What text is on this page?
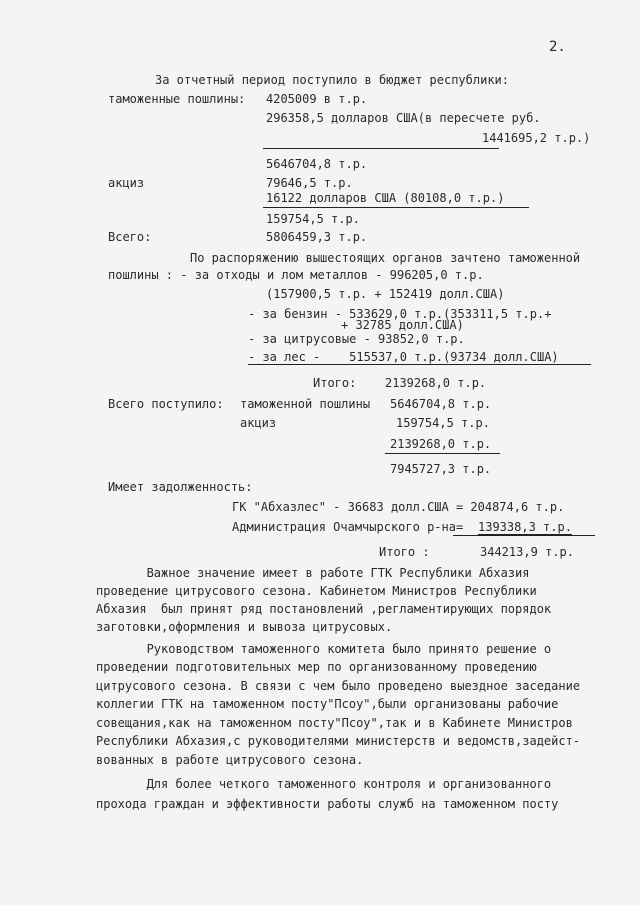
2.
За отчетный период поступило в бюджет республики:
таможенные пошлины: 4205009 в т.р.
296358,5 долларов США(в пересчете руб.
1441695,2 т.р.)
5646704,8 т.р.
акциз	79646,5 т.р.
16122 долларов США (80108,0 т.р.)
159754,5 т.р.
Всего:	5806459,3 т.р.
По распоряжению вышестоящих органов зачтено таможенной
пошлины : - за отходы и лом металлов - 996205,0 т.р.
(157900,5 т.р. + 152419 долл.США)
- за бензин - 533629,0 т.р.(353311,5 т.р.+
+ 32785 долл.США)
- за цитрусовые - 93852,0 т.р.
- за лес -    515537,0 т.р.(93734 долл.США)
Итого: 2139268,0 т.р.
Всего поступило: таможенной пошлины 5646704,8 т.р.
акциз	159754,5 т.р.
2139268,0 т.р.
7945727,3 т.р.
Имеет задолженность:
ГК "Абхазлес" - 36683 долл.США = 204874,6 т.р.
Администрация Очамчырского р-на= 139338,3 т.р.
Итого :	344213,9 т.р.
Важное значение имеет в работе ГТК Республики Абхазия
проведение цитрусового сезона. Кабинетом Министров Республики
Абхазия  был принят ряд постановлений ,регламентирующих порядок
заготовки,оформления и вывоза цитрусовых.
Руководством таможенного комитета было принято решение о
проведении подготовительных мер по организованному проведению
цитрусового сезона. В связи с чем было проведено выездное заседание
коллегии ГТК на таможенном посту"Псоу",были организованы рабочие
совещания,как на таможенном посту"Псоу",так и в Кабинете Министров
Республики Абхазия,с руководителями министерств и ведомств,задейст-
вованных в работе цитрусового сезона.
Для более четкого таможенного контроля и организованного
прохода граждан и эффективности работы служб на таможенном посту
